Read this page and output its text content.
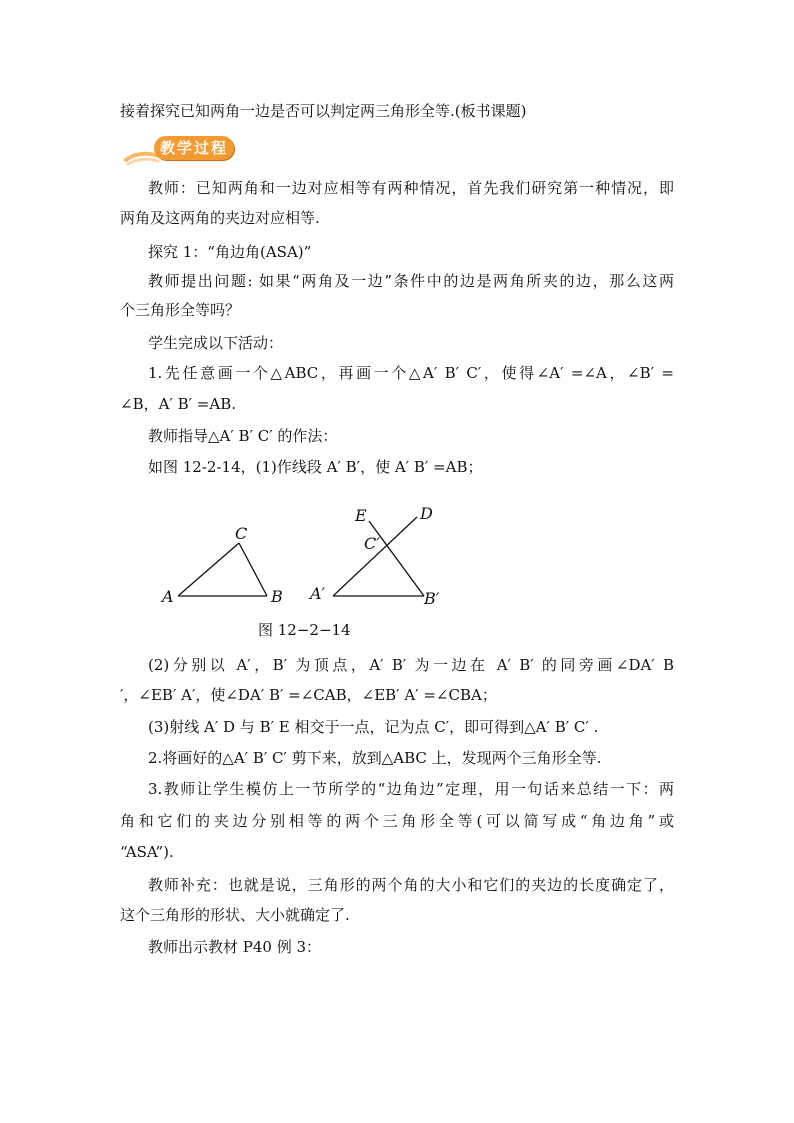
接着探究已知两角一边是否可以判定两三角形全等.(板书课题)
教学过程
教师：已知两角和一边对应相等有两种情况，首先我们研究第一种情况，即
两角及这两角的夹边对应相等.
探究 1：“角边角(ASA)”
教师提出问题: 如果“两角及一边”条件中的边是两角所夹的边，那么这两
个三角形全等吗？
学生完成以下活动：
1.先任意画一个△ABC，再画一个△A′ B′ C′，使得∠A′ =∠A，∠B′ =
∠B，A′ B′ =AB.
教师指导△A′ B′ C′ 的作法：
如图 12-2-14，(1)作线段 A′ B′，使 A′ B′ =AB；
A	B
C
A′	B′
C′
D
E
图 12−2−14
(2)分别以 A′，B′ 为顶点，A′ B′ 为一边在 A′ B′ 的同旁画∠DA′ B
′，∠EB′ A′，使∠DA′ B′ =∠CAB，∠EB′ A′ =∠CBA；
(3)射线 A′ D 与 B′ E 相交于一点，记为点 C′，即可得到△A′ B′ C′ .
2.将画好的△A′ B′ C′ 剪下来，放到△ABC 上，发现两个三角形全等.
3.教师让学生模仿上一节所学的“边角边”定理，用一句话来总结一下：两
角和它们的夹边分别相等的两个三角形全等(可以简写成“角边角”或
“ASA”).
教师补充：也就是说，三角形的两个角的大小和它们的夹边的长度确定了，
这个三角形的形状、大小就确定了.
教师出示教材 P40 例 3：
